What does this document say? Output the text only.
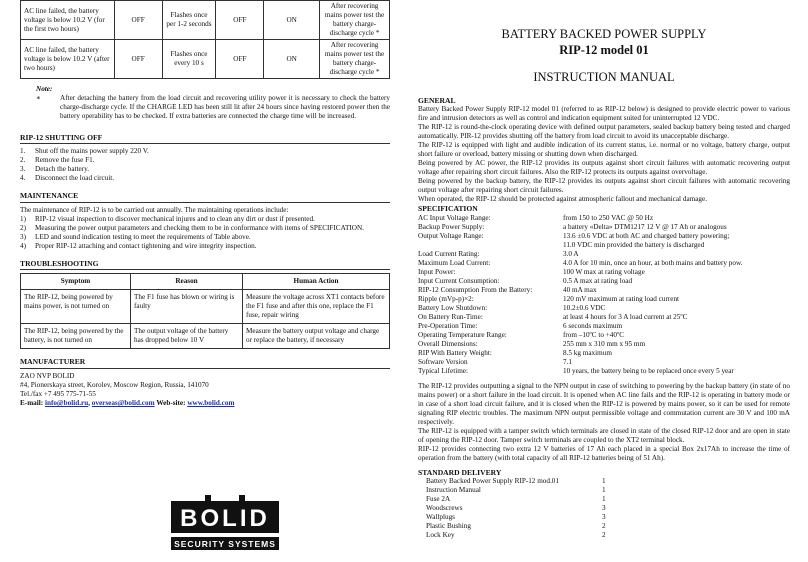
AC line failed, the battery voltage is below 10.2 V (for the first two hours)	OFF	Flashes once per 1-2 seconds	OFF	ON	After recovering mains power test the battery charge-discharge cycle *
AC line failed, the battery voltage is below 10.2 V (after two hours)	OFF	Flashes once every 10 s	OFF	ON	After recovering mains power test the battery charge-discharge cycle *
Note:
∗	After detaching the battery from the load circuit and recovering utility power it is necessary to check the battery charge-discharge cycle. If the CHARGE LED has been still lit after 24 hours since having restored power then the battery operability has to be checked. If extra batteries are connected the charge time will be increased.
RIP-12 SHUTTING OFF
1.	Shut off the mains power supply 220 V.
2.	Remove the fuse F1.
3.	Detach the battery.
4.	Disconnect the load circuit.
MAINTENANCE
The maintenance of RIP-12 is to be carried out annually. The maintaining operations include:
1)	RIP-12 visual inspection to discover mechanical injures and to clean any dirt or dust if presented.
2)	Measuring the power output parameters and checking them to be in conformance with items of SPECIFICATION.
3)	LED and sound indication testing to meet the requirements of Table above.
4)	Proper RIP-12 attaching and contact tightening and wire integrity inspection.
TROUBLESHOOTING
Symptom	Reason	Human Action
The RIP-12, being powered by mains power, is not turned on	The F1 fuse has blown or wiring is faulty	Measure the voltage across XT1 contacts before the F1 fuse and after this one, replace the F1 fuse, repair wiring
The RIP-12, being powered by the battery, is not turned on	The output voltage of the battery has dropped below 10 V	Measure the battery output voltage and charge or replace the battery, if necessary
MANUFACTURER
ZAO NVP BOLID
#4, Pionerskaya street, Korolev, Moscow Region, Russia, 141070
Tel./fax +7 495 775-71-55
E-mail: info@bolid.ru, overseas@bolid.com Web-site: www.bolid.com
BOLID
SECURITY SYSTEMS
BATTERY BACKED POWER SUPPLY
RIP-12 model 01
INSTRUCTION MANUAL
GENERAL
Battery Backed Power Supply RIP-12 model 01 (referred to as RIP-12 below) is designed to provide electric power to various fire and intrusion detectors as well as control and indication equipment suited for uninterrupted 12 VDC.
The RIP-12 is round-the-clock operating device with defined output parameters, sealed backup battery being tested and charged automatically. PIR-12 provides shutting off the battery from load circuit to avoid its unacceptable discharge.
The RIP-12 is equipped with light and audible indication of its current status, i.e. normal or no voltage, battery charge, output short failure or overload, battery missing or shutting down when discharged.
Being powered by AC power, the RIP-12 provides its outputs against short circuit failures with automatic recovering output voltage after repairing short circuit failures. Also the RIP-12 protects its outputs against overvoltage.
Being powered by the backup battery, the RIP-12 provides its outputs against short circuit failures with automatic recovering output voltage after repairing short circuit failures.
When operated, the RIP-12 should be protected against atmospheric fallout and mechanical damage.
SPECIFICATION
AC Input Voltage Range:	from 150 to 250 VAC @ 50 Hz
Backup Power Supply:	a battery «Delta» DTM1217 12 V @ 17 Ah or analogous
Output Voltage Range:	13.6 ±0.6 VDC at both AC and charged battery powering;
11.0 VDC min provided the battery is discharged
Load Current Rating:	3.0 A
Maximum Load Current:	4.0 A for 10 min, once an hour, at both mains and battery pow.
Input Power:	100 W max at rating voltage
Input Current Consumption:	0.5 A max at rating load
RIP-12 Consumption From the Battery:	40 mA max
Ripple (mVp-p)×2:	120 mV maximum at rating load current
Battery Low Shutdown:	10.2±0.6 VDC
On Battery Run-Time:	at least 4 hours for 3 A load current at 25ºC
Pre-Operation Time:	6 seconds maximum
Operating Temperature Range:	from –10ºC to +40ºC
Overall Dimensions:	255 mm x 310 mm x 95 mm
RIP With Battery Weight:	8.5 kg maximum
Software Version	7.1
Typical Lifetime:	10 years, the battery being to be replaced once every 5 year
The RIP-12 provides outputting a signal to the NPN output in case of switching to powering by the backup battery (in state of no mains power) or a short failure in the load circuit. It is opened when AC line fails and the RIP-12 is operating in battery mode or in case of a short load circuit failure, and it is closed when the RIP-12 is powered by mains power, so it can be used for remote signaling RIP electric troubles. The maximum NPN output permissible voltage and commutation current are 30 V and 100 mA respectively.
The RIP-12 is equipped with a tamper switch which terminals are closed in state of the closed RIP-12 door and are open in state of opening the RIP-12 door. Tamper switch terminals are coupled to the XT2 terminal block.
RIP-12 provides connecting two extra 12 V batteries of 17 Ah each placed in a special Box 2x17Ah to increase the time of operation from the battery (with total capacity of all RIP-12 batteries being of 51 Ah).
STANDARD DELIVERY
Battery Backed Power Supply RIP-12 mod.01	1
Instruction Manual	1
Fuse 2A	1
Woodscrews	3
Wallplugs	3
Plastic Bushing	2
Lock Key	2
